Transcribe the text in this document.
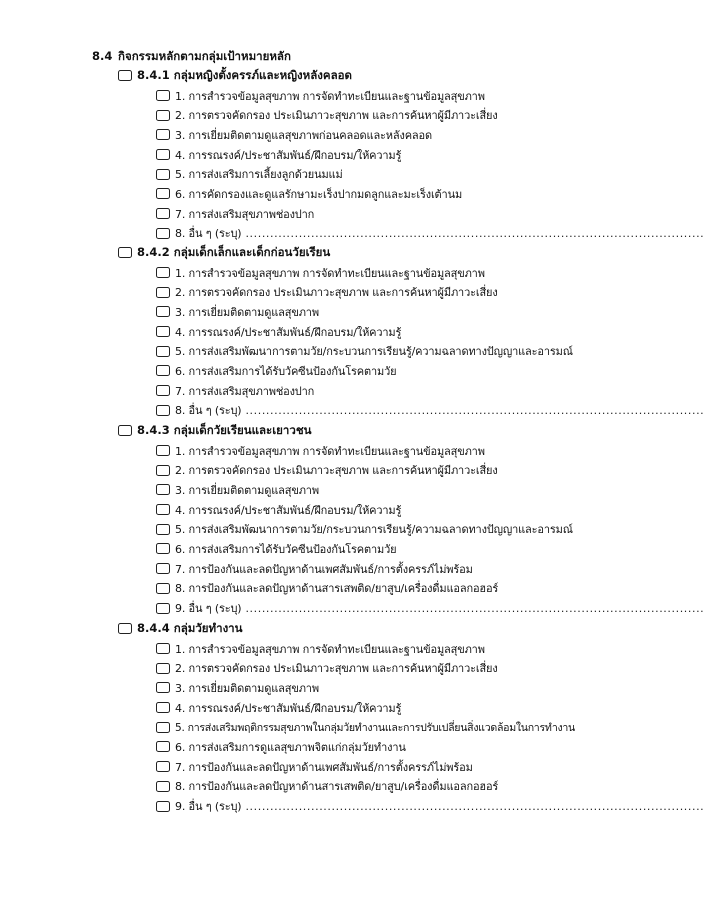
8.4 กิจกรรมหลักตามกลุ่มเป้าหมายหลัก
8.4.1 กลุ่มหญิงตั้งครรภ์และหญิงหลังคลอด
1. การสำรวจข้อมูลสุขภาพ การจัดทำทะเบียนและฐานข้อมูลสุขภาพ
2. การตรวจคัดกรอง ประเมินภาวะสุขภาพ และการค้นหาผู้มีภาวะเสี่ยง
3. การเยี่ยมติดตามดูแลสุขภาพก่อนคลอดและหลังคลอด
4. การรณรงค์/ประชาสัมพันธ์/ฝึกอบรม/ให้ความรู้
5. การส่งเสริมการเลี้ยงลูกด้วยนมแม่
6. การคัดกรองและดูแลรักษามะเร็งปากมดลูกและมะเร็งเต้านม
7. การส่งเสริมสุขภาพช่องปาก
8. อื่น ๆ (ระบุ) ................................................................................................................
8.4.2 กลุ่มเด็กเล็กและเด็กก่อนวัยเรียน
1. การสำรวจข้อมูลสุขภาพ การจัดทำทะเบียนและฐานข้อมูลสุขภาพ
2. การตรวจคัดกรอง ประเมินภาวะสุขภาพ และการค้นหาผู้มีภาวะเสี่ยง
3. การเยี่ยมติดตามดูแลสุขภาพ
4. การรณรงค์/ประชาสัมพันธ์/ฝึกอบรม/ให้ความรู้
5. การส่งเสริมพัฒนาการตามวัย/กระบวนการเรียนรู้/ความฉลาดทางปัญญาและอารมณ์
6. การส่งเสริมการได้รับวัคซีนป้องกันโรคตามวัย
7. การส่งเสริมสุขภาพช่องปาก
8. อื่น ๆ (ระบุ) ................................................................................................................
8.4.3 กลุ่มเด็กวัยเรียนและเยาวชน
1. การสำรวจข้อมูลสุขภาพ การจัดทำทะเบียนและฐานข้อมูลสุขภาพ
2. การตรวจคัดกรอง ประเมินภาวะสุขภาพ และการค้นหาผู้มีภาวะเสี่ยง
3. การเยี่ยมติดตามดูแลสุขภาพ
4. การรณรงค์/ประชาสัมพันธ์/ฝึกอบรม/ให้ความรู้
5. การส่งเสริมพัฒนาการตามวัย/กระบวนการเรียนรู้/ความฉลาดทางปัญญาและอารมณ์
6. การส่งเสริมการได้รับวัคซีนป้องกันโรคตามวัย
7. การป้องกันและลดปัญหาด้านเพศสัมพันธ์/การตั้งครรภ์ไม่พร้อม
8. การป้องกันและลดปัญหาด้านสารเสพติด/ยาสูบ/เครื่องดื่มแอลกอฮอร์
9. อื่น ๆ (ระบุ) ................................................................................................................
8.4.4 กลุ่มวัยทำงาน
1. การสำรวจข้อมูลสุขภาพ การจัดทำทะเบียนและฐานข้อมูลสุขภาพ
2. การตรวจคัดกรอง ประเมินภาวะสุขภาพ และการค้นหาผู้มีภาวะเสี่ยง
3. การเยี่ยมติดตามดูแลสุขภาพ
4. การรณรงค์/ประชาสัมพันธ์/ฝึกอบรม/ให้ความรู้
5. การส่งเสริมพฤติกรรมสุขภาพในกลุ่มวัยทำงานและการปรับเปลี่ยนสิ่งแวดล้อมในการทำงาน
6. การส่งเสริมการดูแลสุขภาพจิตแก่กลุ่มวัยทำงาน
7. การป้องกันและลดปัญหาด้านเพศสัมพันธ์/การตั้งครรภ์ไม่พร้อม
8. การป้องกันและลดปัญหาด้านสารเสพติด/ยาสูบ/เครื่องดื่มแอลกอฮอร์
9. อื่น ๆ (ระบุ) ................................................................................................................
